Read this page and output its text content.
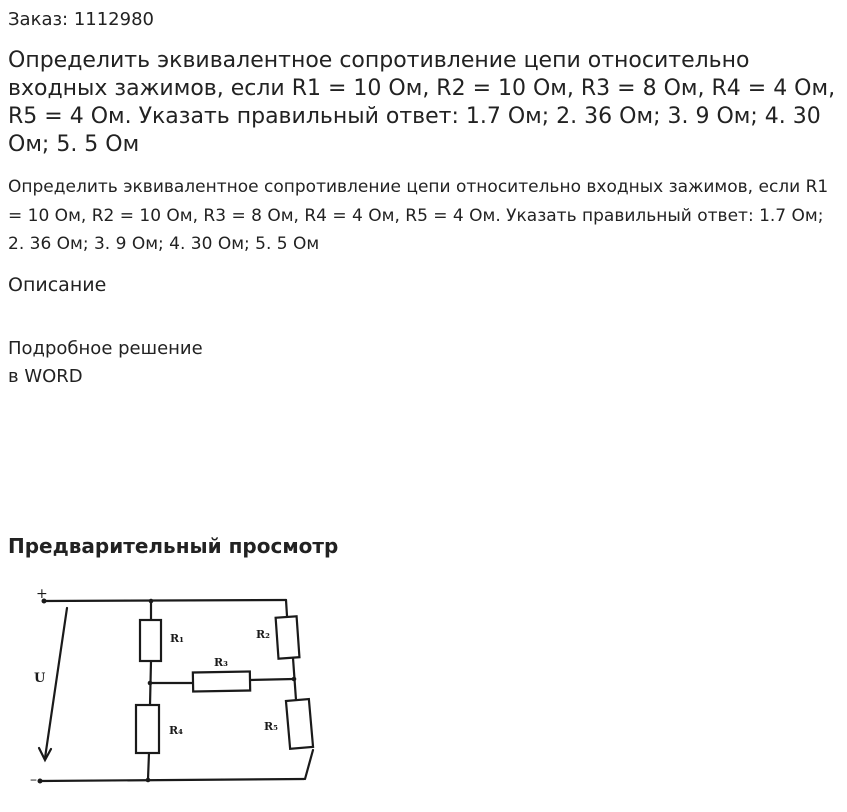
Заказ: 1112980
Определить эквивалентное сопротивление цепи относительно входных зажимов, если R1 = 10 Ом, R2 = 10 Ом, R3 = 8 Ом, R4 = 4 Ом, R5 = 4 Ом. Указать правильный ответ: 1.7 Ом; 2. 36 Ом; 3. 9 Ом; 4. 30 Ом; 5. 5 Ом

Определить эквивалентное сопротивление цепи относительно входных зажимов, если R1 = 10 Ом, R2 = 10 Ом, R3 = 8 Ом, R4 = 4 Ом, R5 = 4 Ом. Указать правильный ответ: 1.7 Ом; 2. 36 Ом; 3. 9 Ом; 4. 30 Ом; 5. 5 Ом

Описание
Подробное решение
в WORD
Предварительный просмотр
+
–
R₁	R₂
R₃
R₄	R₅
U
